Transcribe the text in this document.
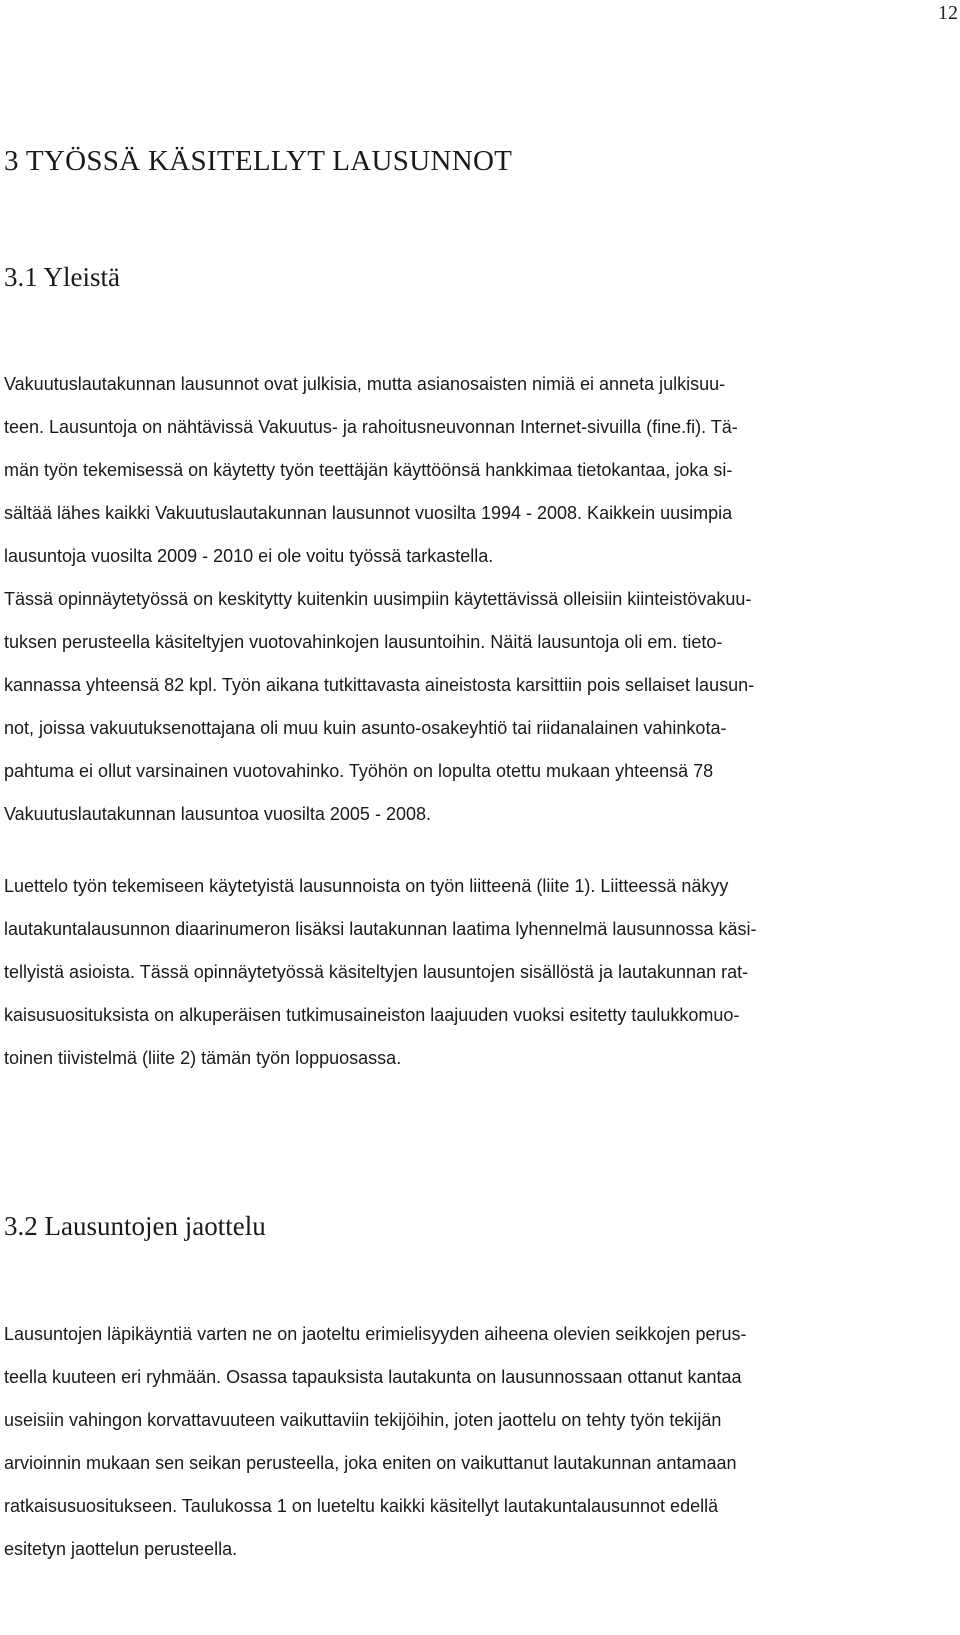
12
3 TYÖSSÄ KÄSITELLYT LAUSUNNOT
3.1 Yleistä

Vakuutuslautakunnan lausunnot ovat julkisia, mutta asianosaisten nimiä ei anneta julkisuu-
teen. Lausuntoja on nähtävissä Vakuutus- ja rahoitusneuvonnan Internet-sivuilla (fine.fi). Tä-
män työn tekemisessä on käytetty työn teettäjän käyttöönsä hankkimaa tietokantaa, joka si-
sältää lähes kaikki Vakuutuslautakunnan lausunnot vuosilta 1994 - 2008. Kaikkein uusimpia
lausuntoja vuosilta 2009 - 2010 ei ole voitu työssä tarkastella.

Tässä opinnäytetyössä on keskitytty kuitenkin uusimpiin käytettävissä olleisiin kiinteistövakuu-
tuksen perusteella käsiteltyjen vuotovahinkojen lausuntoihin. Näitä lausuntoja oli em. tieto-
kannassa yhteensä 82 kpl. Työn aikana tutkittavasta aineistosta karsittiin pois sellaiset lausun-
not, joissa vakuutuksenottajana oli muu kuin asunto-osakeyhtiö tai riidanalainen vahinkota-
pahtuma ei ollut varsinainen vuotovahinko. Työhön on lopulta otettu mukaan yhteensä 78
Vakuutuslautakunnan lausuntoa vuosilta 2005 - 2008.

Luettelo työn tekemiseen käytetyistä lausunnoista on työn liitteenä (liite 1). Liitteessä näkyy
lautakuntalausunnon diaarinumeron lisäksi lautakunnan laatima lyhennelmä lausunnossa käsi-
tellyistä asioista. Tässä opinnäytetyössä käsiteltyjen lausuntojen sisällöstä ja lautakunnan rat-
kaisusuosituksista on alkuperäisen tutkimusaineiston laajuuden vuoksi esitetty taulukkomuo-
toinen tiivistelmä (liite 2) tämän työn loppuosassa.

3.2 Lausuntojen jaottelu

Lausuntojen läpikäyntiä varten ne on jaoteltu erimielisyyden aiheena olevien seikkojen perus-
teella kuuteen eri ryhmään. Osassa tapauksista lautakunta on lausunnossaan ottanut kantaa
useisiin vahingon korvattavuuteen vaikuttaviin tekijöihin, joten jaottelu on tehty työn tekijän
arvioinnin mukaan sen seikan perusteella, joka eniten on vaikuttanut lautakunnan antamaan
ratkaisusuositukseen. Taulukossa 1 on lueteltu kaikki käsitellyt lautakuntalausunnot edellä
esitetyn jaottelun perusteella.
